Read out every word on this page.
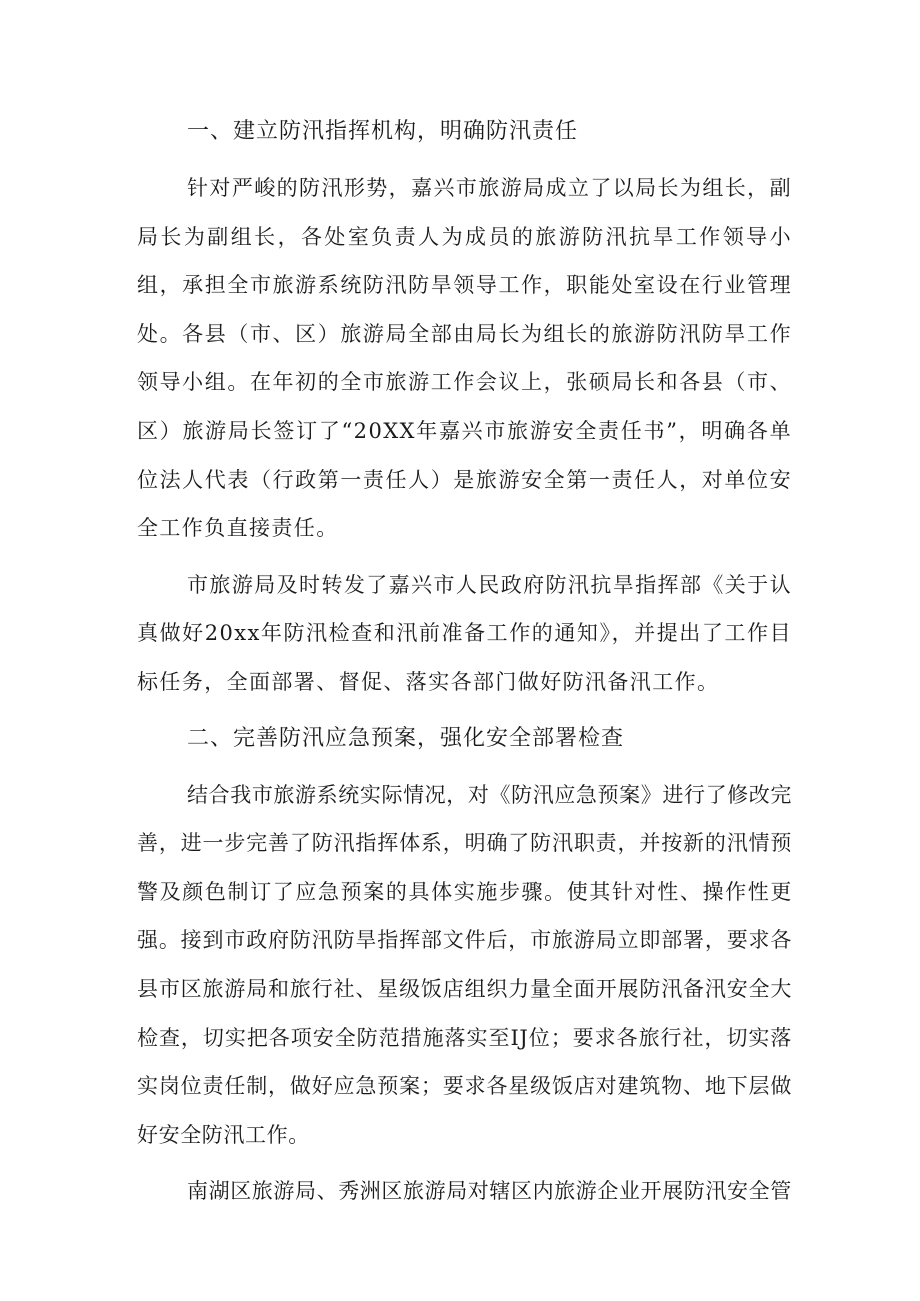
一、建立防汛指挥机构，明确防汛责任

针对严峻的防汛形势，嘉兴市旅游局成立了以局长为组长，副局长为副组长，各处室负责人为成员的旅游防汛抗旱工作领导小组，承担全市旅游系统防汛防旱领导工作，职能处室设在行业管理处。各县（市、区）旅游局全部由局长为组长的旅游防汛防旱工作领导小组。在年初的全市旅游工作会议上，张硕局长和各县（市、区）旅游局长签订了“20XX年嘉兴市旅游安全责任书”，明确各单位法人代表（行政第一责任人）是旅游安全第一责任人，对单位安全工作负直接责任。

市旅游局及时转发了嘉兴市人民政府防汛抗旱指挥部《关于认真做好20xx年防汛检查和汛前准备工作的通知》，并提出了工作目标任务，全面部署、督促、落实各部门做好防汛备汛工作。

二、完善防汛应急预案，强化安全部署检查

结合我市旅游系统实际情况，对《防汛应急预案》进行了修改完善，进一步完善了防汛指挥体系，明确了防汛职责，并按新的汛情预警及颜色制订了应急预案的具体实施步骤。使其针对性、操作性更强。接到市政府防汛防旱指挥部文件后，市旅游局立即部署，要求各县市区旅游局和旅行社、星级饭店组织力量全面开展防汛备汛安全大检查，切实把各项安全防范措施落实至IJ位；要求各旅行社，切实落实岗位责任制，做好应急预案；要求各星级饭店对建筑物、地下层做好安全防汛工作。

南湖区旅游局、秀洲区旅游局对辖区内旅游企业开展防汛安全管
